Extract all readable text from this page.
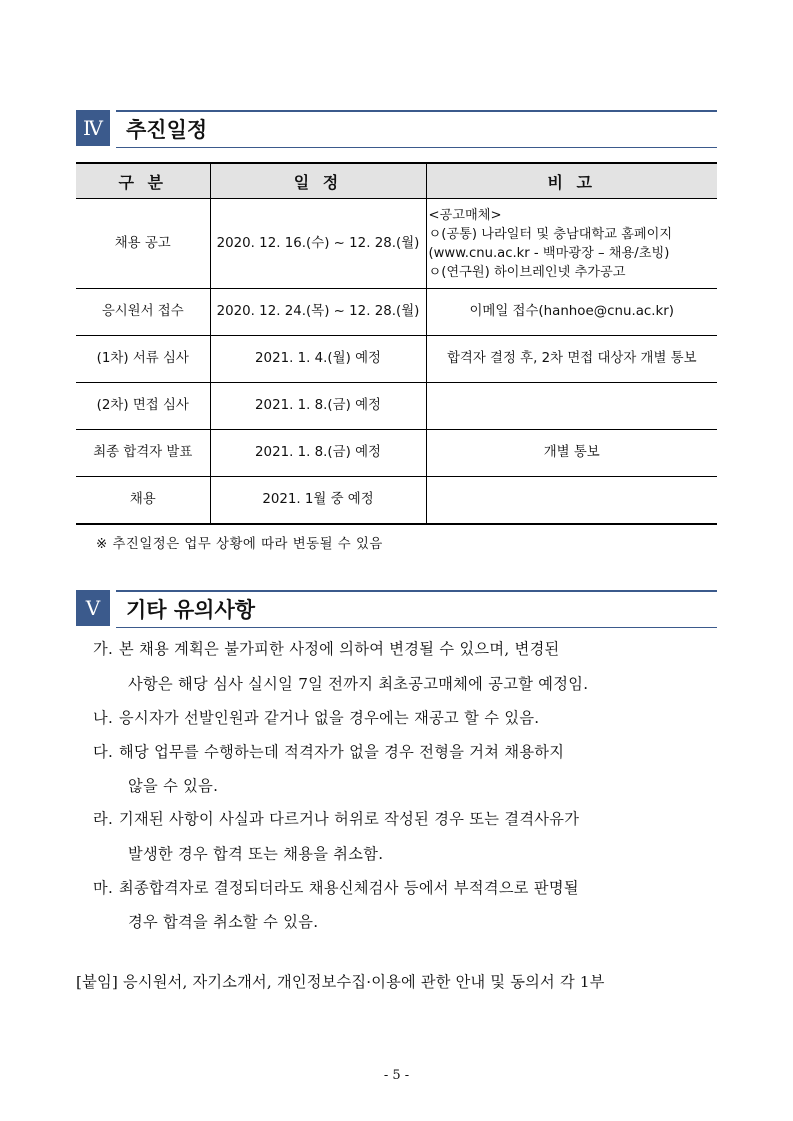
Ⅳ	추진일정
구 분	일 정	비 고
채용 공고	2020. 12. 16.(수) ~ 12. 28.(월)	<공고매체>
ㅇ(공통) 나라일터 및 충남대학교 홈페이지
(www.cnu.ac.kr - 백마광장 – 채용/초빙)
ㅇ(연구원) 하이브레인넷 추가공고

응시원서 접수	2020. 12. 24.(목) ~ 12. 28.(월)	이메일 접수(hanhoe@cnu.ac.kr)
(1차) 서류 심사	2021. 1. 4.(월) 예정	합격자 결정 후, 2차 면접 대상자 개별 통보
(2차) 면접 심사	2021. 1. 8.(금) 예정	
최종 합격자 발표	2021. 1. 8.(금) 예정	개별 통보
채용	2021. 1월 중 예정	
※ 추진일정은 업무 상황에 따라 변동될 수 있음
Ⅴ	기타 유의사항
가. 본 채용 계획은 불가피한 사정에 의하여 변경될 수 있으며, 변경된
사항은 해당 심사 실시일 7일 전까지 최초공고매체에 공고할 예정임.
나. 응시자가 선발인원과 같거나 없을 경우에는 재공고 할 수 있음.
다. 해당 업무를 수행하는데 적격자가 없을 경우 전형을 거쳐 채용하지
않을 수 있음.
라. 기재된 사항이 사실과 다르거나 허위로 작성된 경우 또는 결격사유가
발생한 경우 합격 또는 채용을 취소함.
마. 최종합격자로 결정되더라도 채용신체검사 등에서 부적격으로 판명될
경우 합격을 취소할 수 있음.
[붙임] 응시원서, 자기소개서, 개인정보수집·이용에 관한 안내 및 동의서 각 1부
- 5 -
